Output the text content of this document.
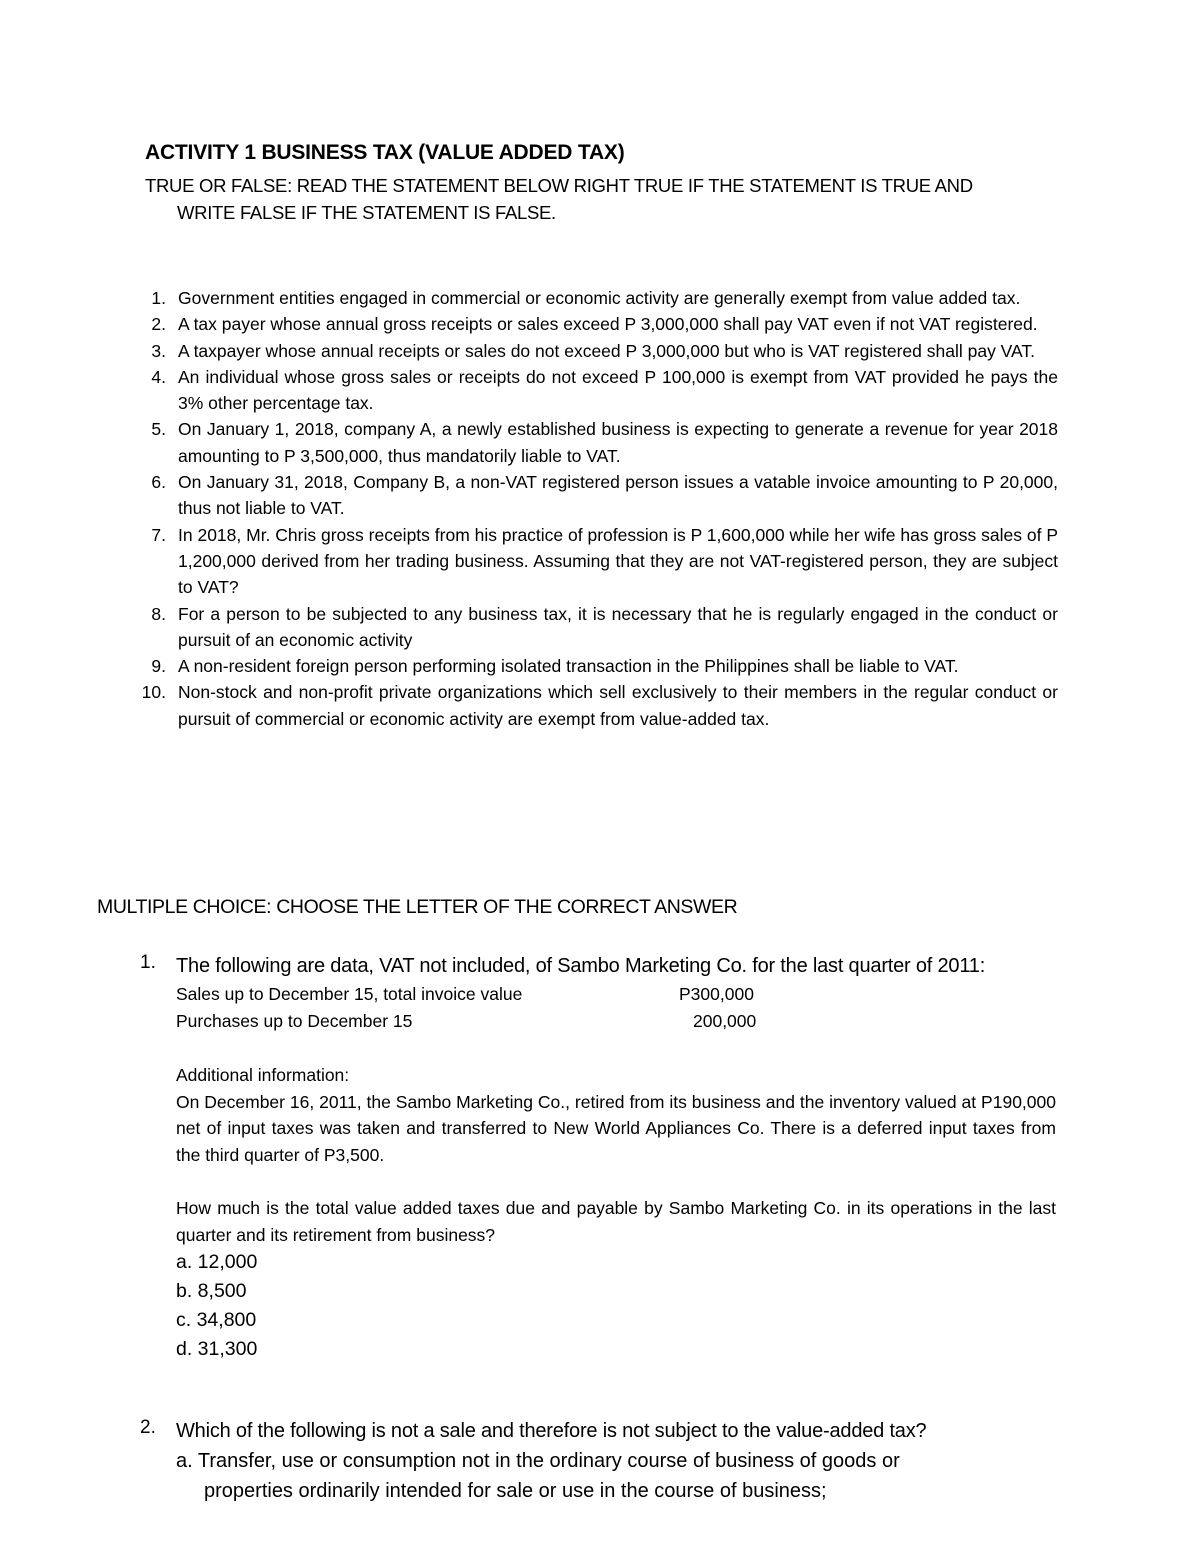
ACTIVITY 1 BUSINESS TAX (VALUE ADDED TAX)
TRUE OR FALSE: READ THE STATEMENT BELOW RIGHT TRUE IF THE STATEMENT IS TRUE AND
WRITE FALSE IF THE STATEMENT IS FALSE.
1. Government entities engaged in commercial or economic activity are generally exempt from value added tax.
2. A tax payer whose annual gross receipts or sales exceed P 3,000,000 shall pay VAT even if not VAT registered.
3. A taxpayer whose annual receipts or sales do not exceed P 3,000,000 but who is VAT registered shall pay VAT.
4. An individual whose gross sales or receipts do not exceed P 100,000 is exempt from VAT provided he pays the 3% other percentage tax.
5. On January 1, 2018, company A, a newly established business is expecting to generate a revenue for year 2018 amounting to P 3,500,000, thus mandatorily liable to VAT.
6. On January 31, 2018, Company B, a non-VAT registered person issues a vatable invoice amounting to P 20,000, thus not liable to VAT.
7. In 2018, Mr. Chris gross receipts from his practice of profession is P 1,600,000 while her wife has gross sales of P 1,200,000 derived from her trading business. Assuming that they are not VAT-registered person, they are subject to VAT?
8. For a person to be subjected to any business tax, it is necessary that he is regularly engaged in the conduct or pursuit of an economic activity
9. A non-resident foreign person performing isolated transaction in the Philippines shall be liable to VAT.
10. Non-stock and non-profit private organizations which sell exclusively to their members in the regular conduct or pursuit of commercial or economic activity are exempt from value-added tax.
MULTIPLE CHOICE: CHOOSE THE LETTER OF THE CORRECT ANSWER
1. The following are data, VAT not included, of Sambo Marketing Co. for the last quarter of 2011:
Sales up to December 15, total invoice value	P300,000
Purchases up to December 15	200,000
Additional information:
On December 16, 2011, the Sambo Marketing Co., retired from its business and the inventory valued at P190,000 net of input taxes was taken and transferred to New World Appliances Co. There is a deferred input taxes from the third quarter of P3,500.
How much is the total value added taxes due and payable by Sambo Marketing Co. in its operations in the last quarter and its retirement from business?
a. 12,000
b. 8,500
c. 34,800
d. 31,300
2. Which of the following is not a sale and therefore is not subject to the value-added tax?
a. Transfer, use or consumption not in the ordinary course of business of goods or
properties ordinarily intended for sale or use in the course of business;
